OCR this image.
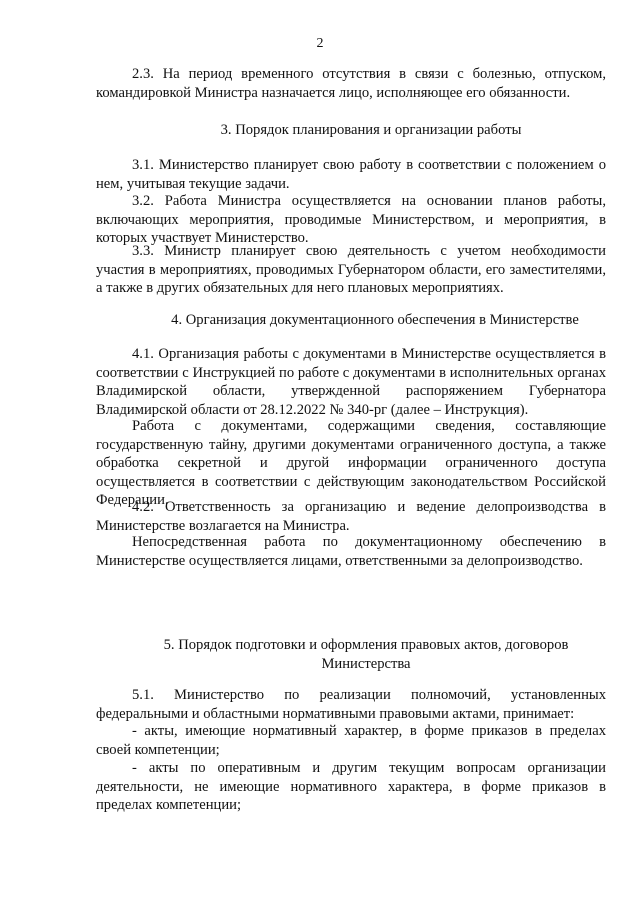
2

2.3. На период временного отсутствия в связи с болезнью, отпуском, командировкой Министра назначается лицо, исполняющее его обязанности.

3. Порядок планирования и организации работы

3.1. Министерство планирует свою работу в соответствии с положением о нем, учитывая текущие задачи.

3.2. Работа Министра осуществляется на основании планов работы, включающих мероприятия, проводимые Министерством, и мероприятия, в которых участвует Министерство.

3.3. Министр планирует свою деятельность с учетом необходимости участия в мероприятиях, проводимых Губернатором области, его заместителями, а также в других обязательных для него плановых мероприятиях.

4. Организация документационного обеспечения в Министерстве

4.1. Организация работы с документами в Министерстве осуществляется в соответствии с Инструкцией по работе с документами в исполнительных органах Владимирской области, утвержденной распоряжением Губернатора Владимирской области от 28.12.2022 № 340-рг (далее – Инструкция).

Работа с документами, содержащими сведения, составляющие государственную тайну, другими документами ограниченного доступа, а также обработка секретной и другой информации ограниченного доступа осуществляется в соответствии с действующим законодательством Российской Федерации.

4.2. Ответственность за организацию и ведение делопроизводства в Министерстве возлагается на Министра.

Непосредственная работа по документационному обеспечению в Министерстве осуществляется лицами, ответственными за делопроизводство.

5. Порядок подготовки и оформления правовых актов, договоров

Министерства

5.1. Министерство по реализации полномочий, установленных федеральными и областными нормативными правовыми актами, принимает:

- акты, имеющие нормативный характер, в форме приказов в пределах своей компетенции;

- акты по оперативным и другим текущим вопросам организации деятельности, не имеющие нормативного характера, в форме приказов в пределах компетенции;
